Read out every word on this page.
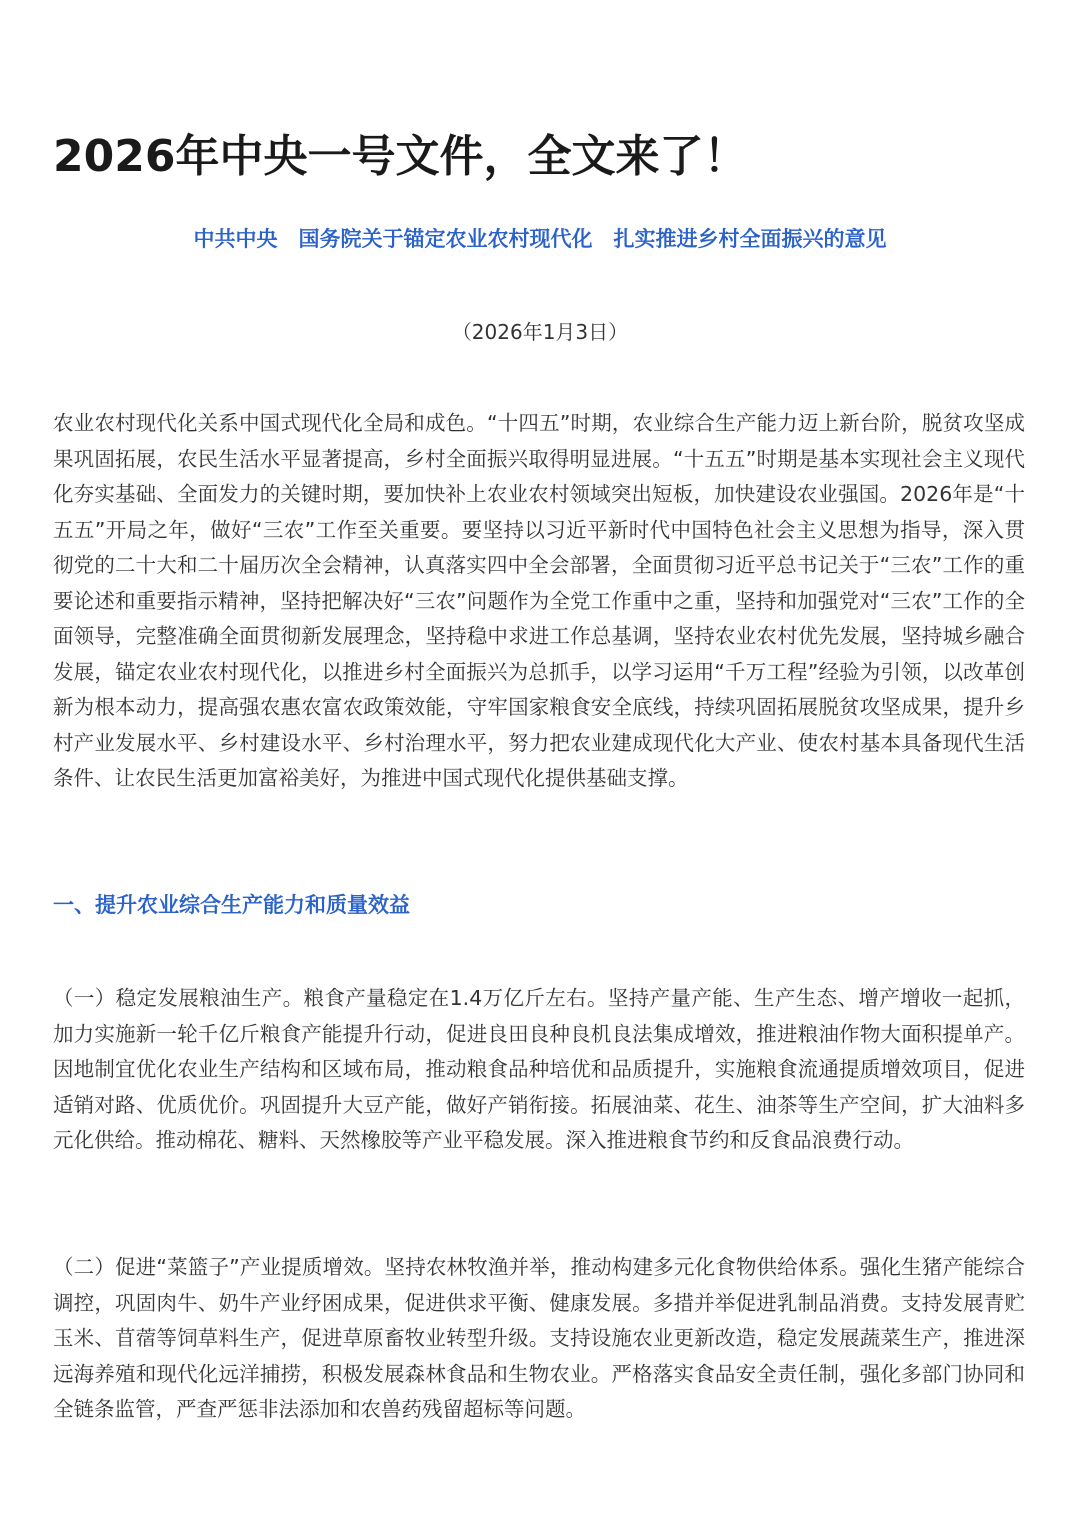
2026年中央一号文件，全文来了！

中共中央　国务院关于锚定农业农村现代化　扎实推进乡村全面振兴的意见

（2026年1月3日）

农业农村现代化关系中国式现代化全局和成色。“十四五”时期，农业综合生产能力迈上新台阶，脱贫攻坚成果巩固拓展，农民生活水平显著提高，乡村全面振兴取得明显进展。“十五五”时期是基本实现社会主义现代化夯实基础、全面发力的关键时期，要加快补上农业农村领域突出短板，加快建设农业强国。2026年是“十五五”开局之年，做好“三农”工作至关重要。要坚持以习近平新时代中国特色社会主义思想为指导，深入贯彻党的二十大和二十届历次全会精神，认真落实四中全会部署，全面贯彻习近平总书记关于“三农”工作的重要论述和重要指示精神，坚持把解决好“三农”问题作为全党工作重中之重，坚持和加强党对“三农”工作的全面领导，完整准确全面贯彻新发展理念，坚持稳中求进工作总基调，坚持农业农村优先发展，坚持城乡融合发展，锚定农业农村现代化，以推进乡村全面振兴为总抓手，以学习运用“千万工程”经验为引领，以改革创新为根本动力，提高强农惠农富农政策效能，守牢国家粮食安全底线，持续巩固拓展脱贫攻坚成果，提升乡村产业发展水平、乡村建设水平、乡村治理水平，努力把农业建成现代化大产业、使农村基本具备现代生活条件、让农民生活更加富裕美好，为推进中国式现代化提供基础支撑。

一、提升农业综合生产能力和质量效益

（一）稳定发展粮油生产。粮食产量稳定在1.4万亿斤左右。坚持产量产能、生产生态、增产增收一起抓，加力实施新一轮千亿斤粮食产能提升行动，促进良田良种良机良法集成增效，推进粮油作物大面积提单产。因地制宜优化农业生产结构和区域布局，推动粮食品种培优和品质提升，实施粮食流通提质增效项目，促进适销对路、优质优价。巩固提升大豆产能，做好产销衔接。拓展油菜、花生、油茶等生产空间，扩大油料多元化供给。推动棉花、糖料、天然橡胶等产业平稳发展。深入推进粮食节约和反食品浪费行动。

（二）促进“菜篮子”产业提质增效。坚持农林牧渔并举，推动构建多元化食物供给体系。强化生猪产能综合调控，巩固肉牛、奶牛产业纾困成果，促进供求平衡、健康发展。多措并举促进乳制品消费。支持发展青贮玉米、苜蓿等饲草料生产，促进草原畜牧业转型升级。支持设施农业更新改造，稳定发展蔬菜生产，推进深远海养殖和现代化远洋捕捞，积极发展森林食品和生物农业。严格落实食品安全责任制，强化多部门协同和全链条监管，严查严惩非法添加和农兽药残留超标等问题。
